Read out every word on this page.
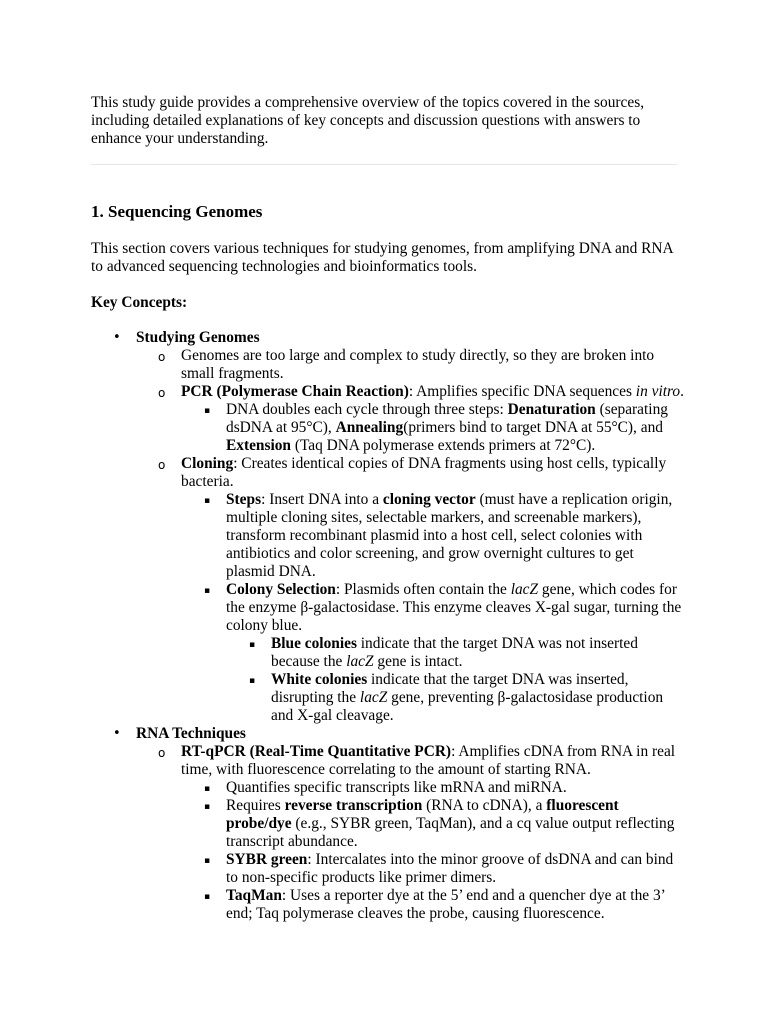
This study guide provides a comprehensive overview of the topics covered in the sources, including detailed explanations of key concepts and discussion questions with answers to enhance your understanding.

1. Sequencing Genomes

This section covers various techniques for studying genomes, from amplifying DNA and RNA to advanced sequencing technologies and bioinformatics tools.

Key Concepts:

• Studying Genomes
o Genomes are too large and complex to study directly, so they are broken into small fragments.
o PCR (Polymerase Chain Reaction): Amplifies specific DNA sequences in vitro.
▪ DNA doubles each cycle through three steps: Denaturation (separating dsDNA at 95°C), Annealing(primers bind to target DNA at 55°C), and Extension (Taq DNA polymerase extends primers at 72°C).
o Cloning: Creates identical copies of DNA fragments using host cells, typically bacteria.
▪ Steps: Insert DNA into a cloning vector (must have a replication origin, multiple cloning sites, selectable markers, and screenable markers), transform recombinant plasmid into a host cell, select colonies with antibiotics and color screening, and grow overnight cultures to get plasmid DNA.
▪ Colony Selection: Plasmids often contain the lacZ gene, which codes for the enzyme β-galactosidase. This enzyme cleaves X-gal sugar, turning the colony blue.
▪ Blue colonies indicate that the target DNA was not inserted because the lacZ gene is intact.
▪ White colonies indicate that the target DNA was inserted, disrupting the lacZ gene, preventing β-galactosidase production and X-gal cleavage.
• RNA Techniques
o RT-qPCR (Real-Time Quantitative PCR): Amplifies cDNA from RNA in real time, with fluorescence correlating to the amount of starting RNA.
▪ Quantifies specific transcripts like mRNA and miRNA.
▪ Requires reverse transcription (RNA to cDNA), a fluorescent probe/dye (e.g., SYBR green, TaqMan), and a cq value output reflecting transcript abundance.
▪ SYBR green: Intercalates into the minor groove of dsDNA and can bind to non-specific products like primer dimers.
▪ TaqMan: Uses a reporter dye at the 5’ end and a quencher dye at the 3’ end; Taq polymerase cleaves the probe, causing fluorescence.
